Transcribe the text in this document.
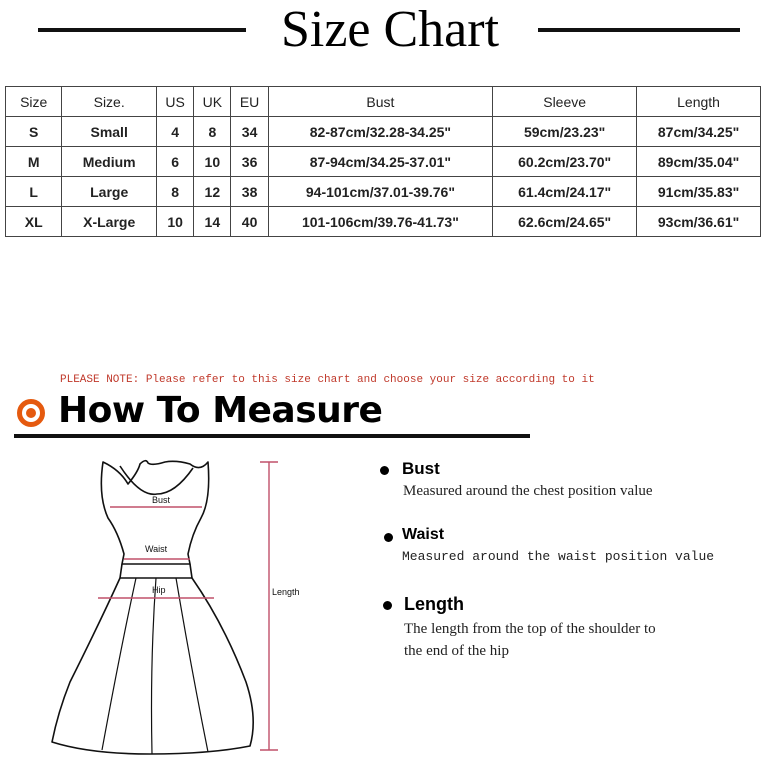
Size Chart
Size	Size.	US	UK	EU	Bust	Sleeve	Length
S	Small	4	8	34	82-87cm/32.28-34.25"	59cm/23.23"	87cm/34.25"
M	Medium	6	10	36	87-94cm/34.25-37.01"	60.2cm/23.70"	89cm/35.04"
L	Large	8	12	38	94-101cm/37.01-39.76"	61.4cm/24.17"	91cm/35.83"
XL	X-Large	10	14	40	101-106cm/39.76-41.73"	62.6cm/24.65"	93cm/36.61"
PLEASE NOTE: Please refer to this size chart and choose your size according to it
How To Measure
Bust
Waist
Hip	Length
Bust
Measured around the chest position value
Waist
Measured around the waist position value
Length
The length from the top of the shoulder to
the end of the hip
